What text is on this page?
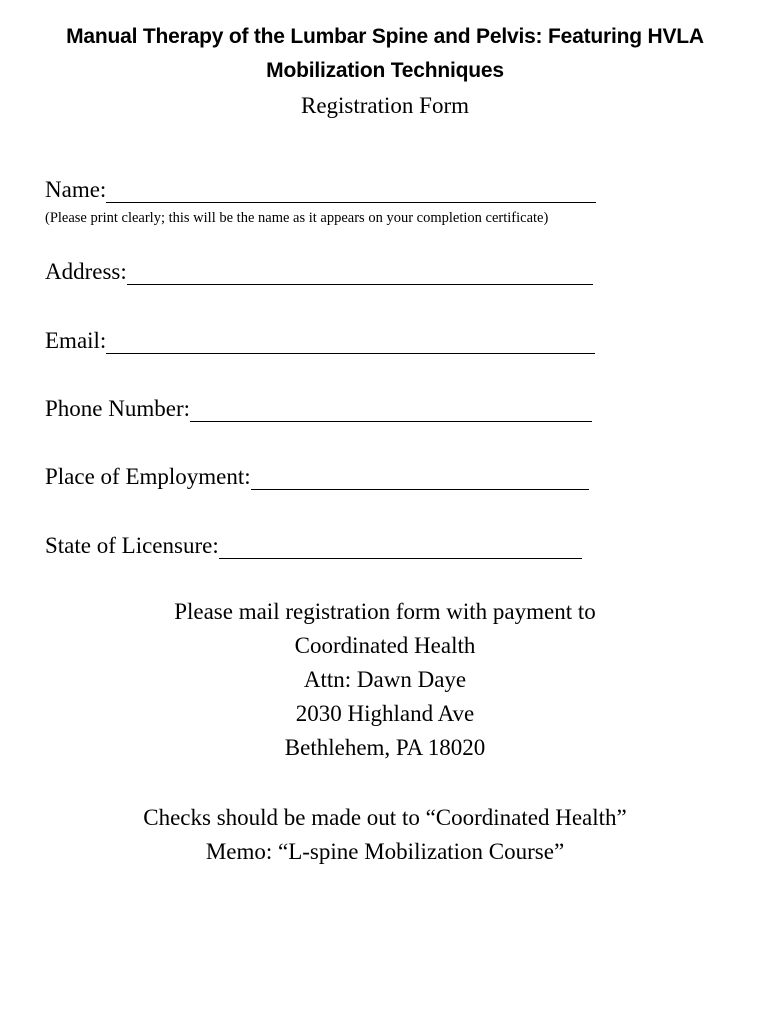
Manual Therapy of the Lumbar Spine and Pelvis: Featuring HVLA
Mobilization Techniques
Registration Form
Name:
(Please print clearly; this will be the name as it appears on your completion certificate)
Address:
Email:
Phone Number:
Place of Employment:
State of Licensure:
Please mail registration form with payment to
Coordinated Health
Attn: Dawn Daye
2030 Highland Ave
Bethlehem, PA 18020
Checks should be made out to “Coordinated Health”
Memo: “L-spine Mobilization Course”
